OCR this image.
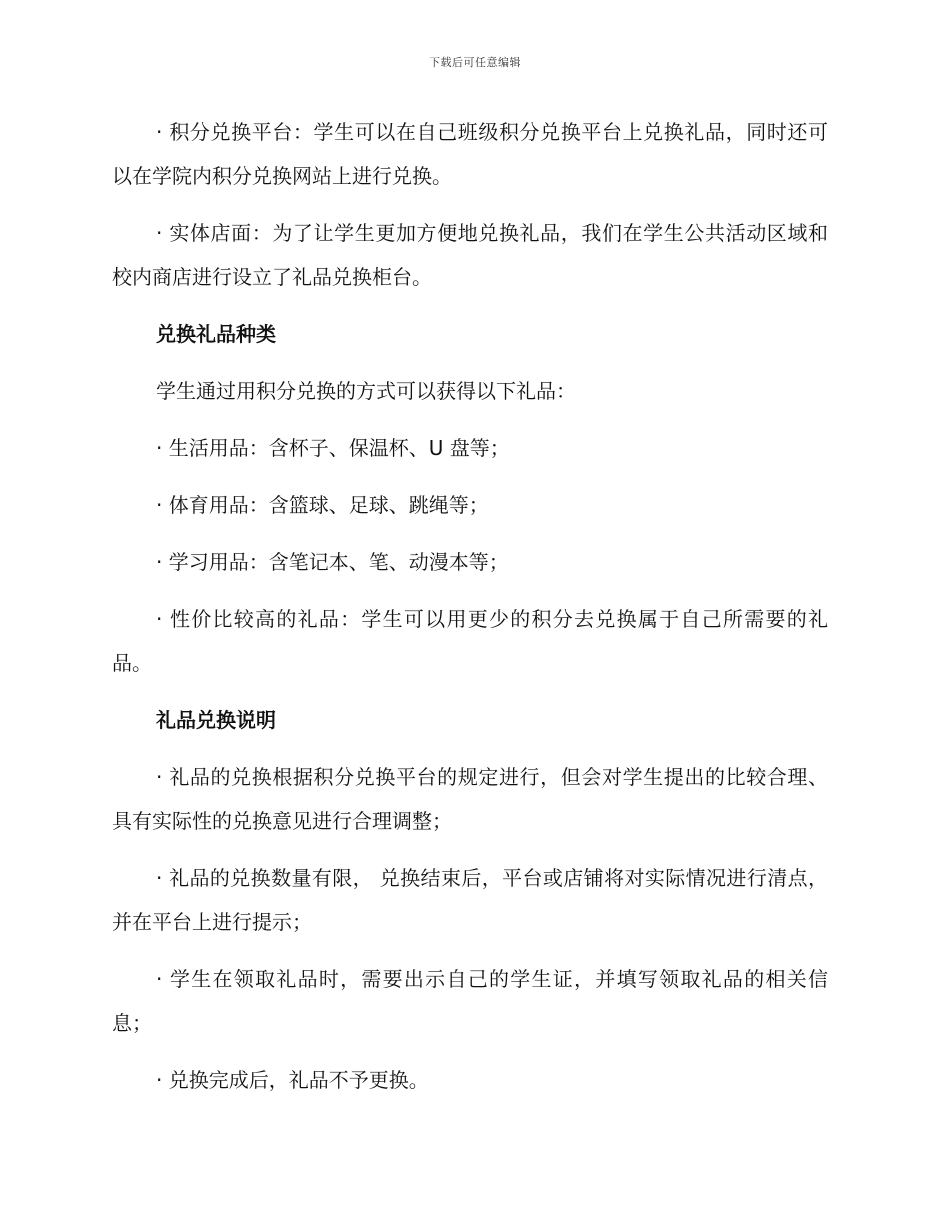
下载后可任意编辑

· 积分兑换平台：学生可以在自己班级积分兑换平台上兑换礼品，同时还可以在学院内积分兑换网站上进行兑换。

· 实体店面：为了让学生更加方便地兑换礼品，我们在学生公共活动区域和校内商店进行设立了礼品兑换柜台。

兑换礼品种类

学生通过用积分兑换的方式可以获得以下礼品：

· 生活用品：含杯子、保温杯、U 盘等；

· 体育用品：含篮球、足球、跳绳等；

· 学习用品：含笔记本、笔、动漫本等；

· 性价比较高的礼品：学生可以用更少的积分去兑换属于自己所需要的礼品。

礼品兑换说明

· 礼品的兑换根据积分兑换平台的规定进行，但会对学生提出的比较合理、具有实际性的兑换意见进行合理调整；

· 礼品的兑换数量有限， 兑换结束后，平台或店铺将对实际情况进行清点，并在平台上进行提示；

· 学生在领取礼品时，需要出示自己的学生证，并填写领取礼品的相关信息；

· 兑换完成后，礼品不予更换。
